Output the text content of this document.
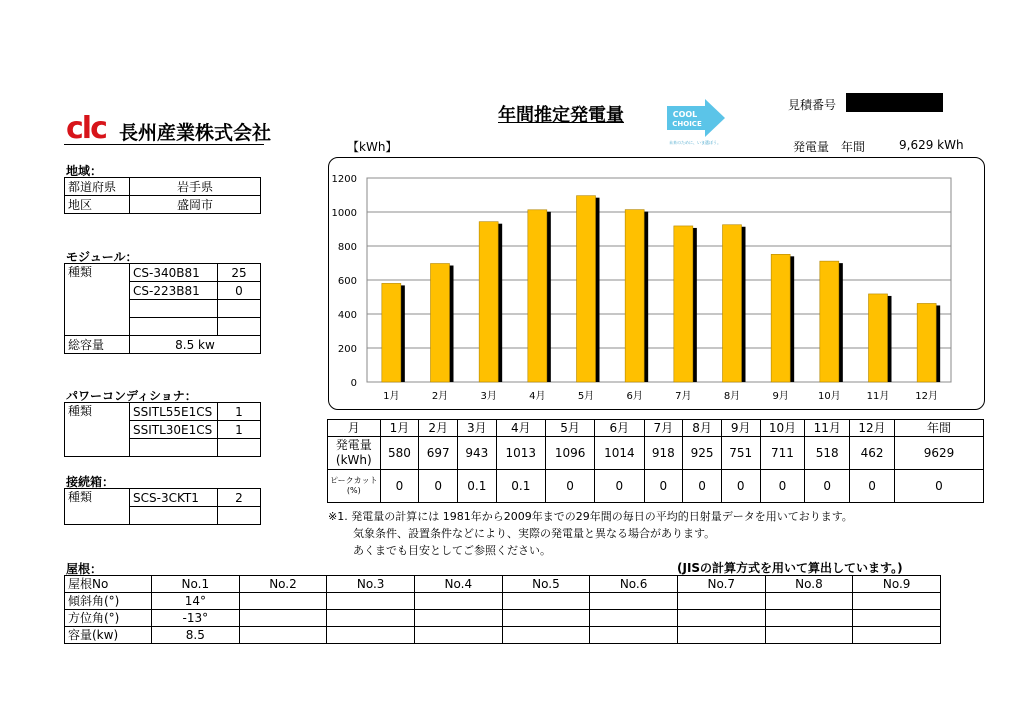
clc 長州産業株式会社
年間推定発電量	COOL
CHOICE
未来のために、いま選ぼう。
見積番号
【kWh】	発電量　年間	9,629 kWh
地域：
都道府県	岩手県
地区	盛岡市
モジュール：
種類	CS-340B81	25
	CS-223B81	0

総容量	8.5 kw	
パワーコンディショナ：
種類	SSITL55E1CS	1
	SSITL30E1CS	1

接続箱：
種類	SCS-3CKT1	2

0
200
400
600
800
1000
1200
1月	2月	3月	4月	5月	6月	7月	8月	9月	10月	11月	12月
月	1月	2月	3月	4月	5月	6月	7月	8月	9月	10月	11月	12月	年間

発電量
(kWh)	580	697	943	1013	1096	1014	918	925	751	711	518	462	9629

ピークカット
(%)	0	0	0.1	0.1	0	0	0	0	0	0	0	0	0
※1. 発電量の計算には 1981年から2009年までの29年間の毎日の平均的日射量データを用いております。
気象条件、設置条件などにより、実際の発電量と異なる場合があります。
あくまでも目安としてご参照ください。
屋根：	(JISの計算方式を用いて算出しています。)
屋根No	No.1	No.2	No.3	No.4	No.5	No.6	No.7	No.8	No.9
傾斜角(°)	14°								
方位角(°)	-13°								
容量(kw)	8.5								
